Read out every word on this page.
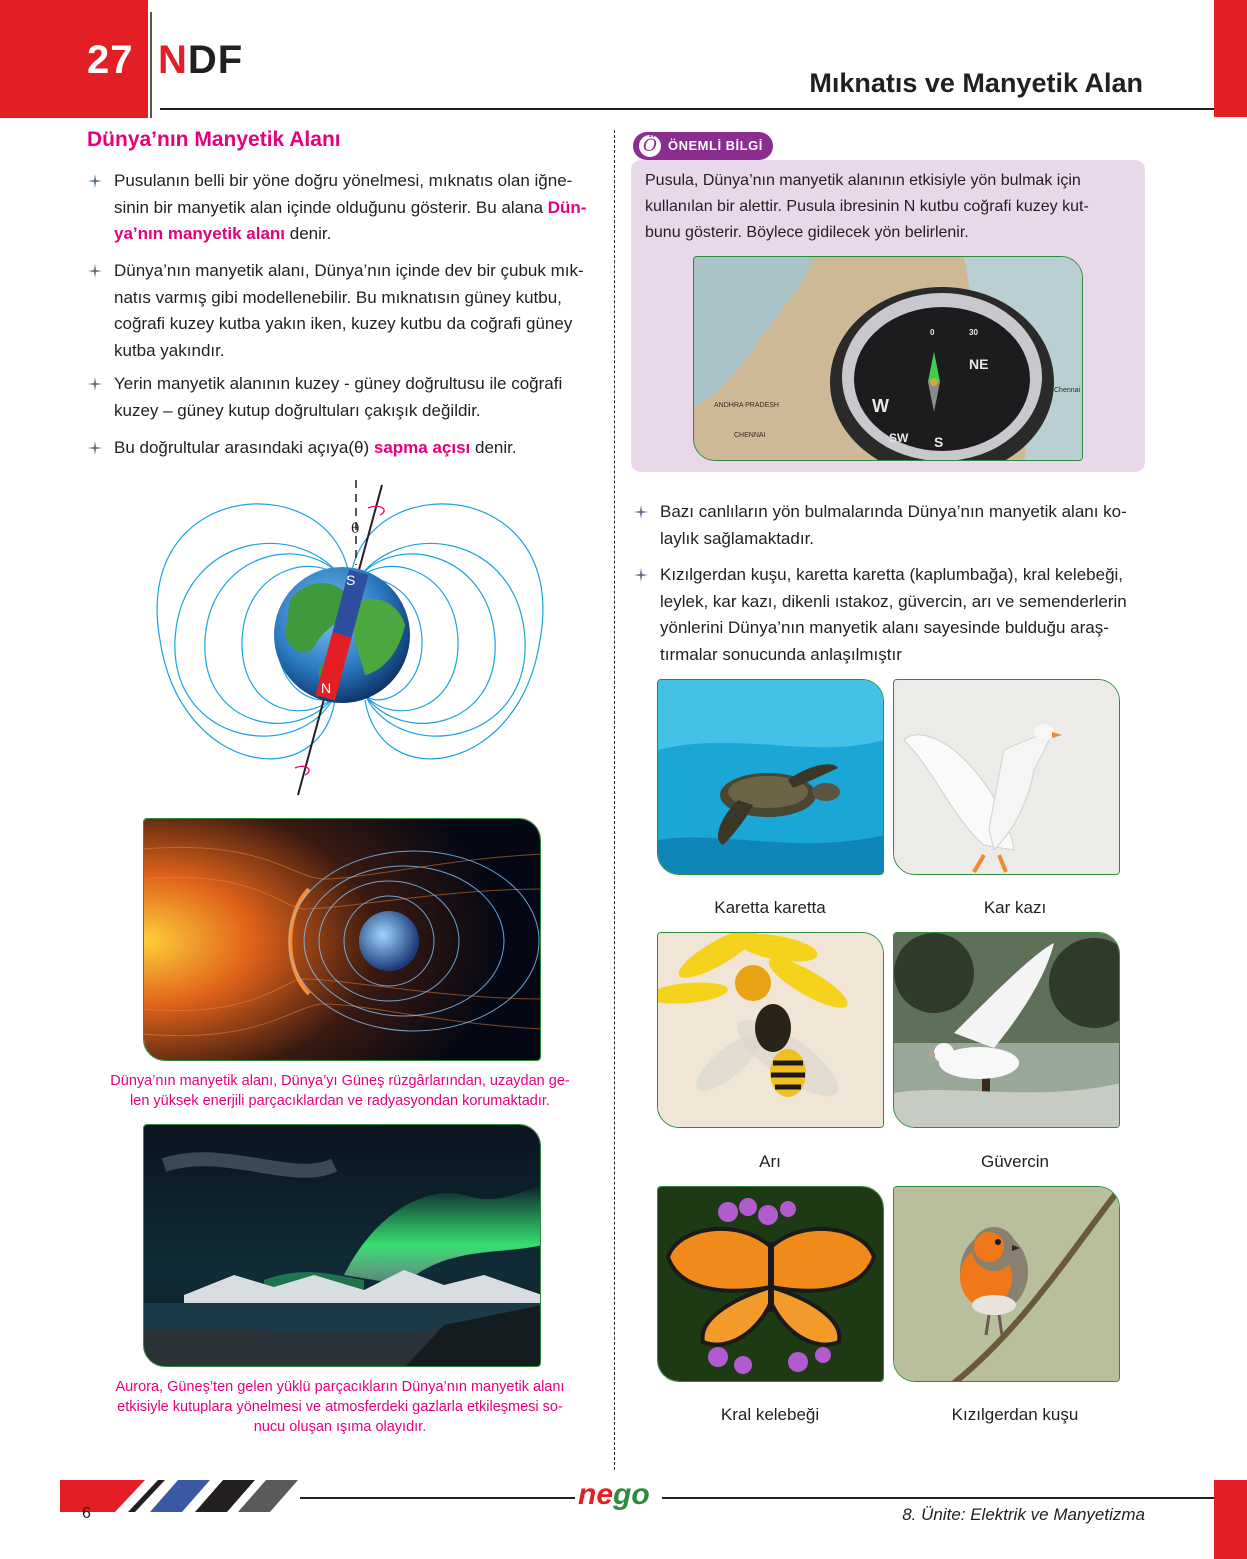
27 NDF
Mıknatıs ve Manyetik Alan
Dünya’nın Manyetik Alanı
Pusulanın belli bir yöne doğru yönelmesi, mıknatıs olan iğne-
sinin bir manyetik alan içinde olduğunu gösterir. Bu alana Dün-
ya’nın manyetik alanı denir.
Dünya’nın manyetik alanı, Dünya’nın içinde dev bir çubuk mık-
natıs varmış gibi modellenebilir. Bu mıknatısın güney kutbu,
coğrafi kuzey kutba yakın iken, kuzey kutbu da coğrafi güney
kutba yakındır.
Yerin manyetik alanının kuzey - güney doğrultusu ile coğrafi
kuzey – güney kutup doğrultuları çakışık değildir.
Bu doğrultular arasındaki açıya(θ) sapma açısı denir.
θ
S
N
Dünya’nın manyetik alanı, Dünya’yı Güneş rüzgârlarından, uzaydan ge-
len yüksek enerjili parçacıklardan ve radyasyondan korumaktadır.
Aurora, Güneş’ten gelen yüklü parçacıkların Dünya’nın manyetik alanı
etkisiyle kutuplara yönelmesi ve atmosferdeki gazlarla etkileşmesi so-
nucu oluşan ışıma olayıdır.
Ö ÖNEMLİ BİLGİ
Pusula, Dünya’nın manyetik alanının etkisiyle yön bulmak için
kullanılan bir alettir. Pusula ibresinin N kutbu coğrafi kuzey kut-
bunu gösterir. Böylece gidilecek yön belirlenir.
ANDHRA PRADESH
CHENNAI
Chennai
NE
W
S
SW
30
0
Bazı canlıların yön bulmalarında Dünya’nın manyetik alanı ko-
laylık sağlamaktadır.
Kızılgerdan kuşu, karetta karetta (kaplumbağa), kral kelebeği,
leylek, kar kazı, dikenli ıstakoz, güvercin, arı ve semenderlerin
yönlerini Dünya’nın manyetik alanı sayesinde bulduğu araş-
tırmalar sonucunda anlaşılmıştır
Karetta karetta	Kar kazı
Arı	Güvercin
Kral kelebeği	Kızılgerdan kuşu
6
nego
8. Ünite: Elektrik ve Manyetizma
